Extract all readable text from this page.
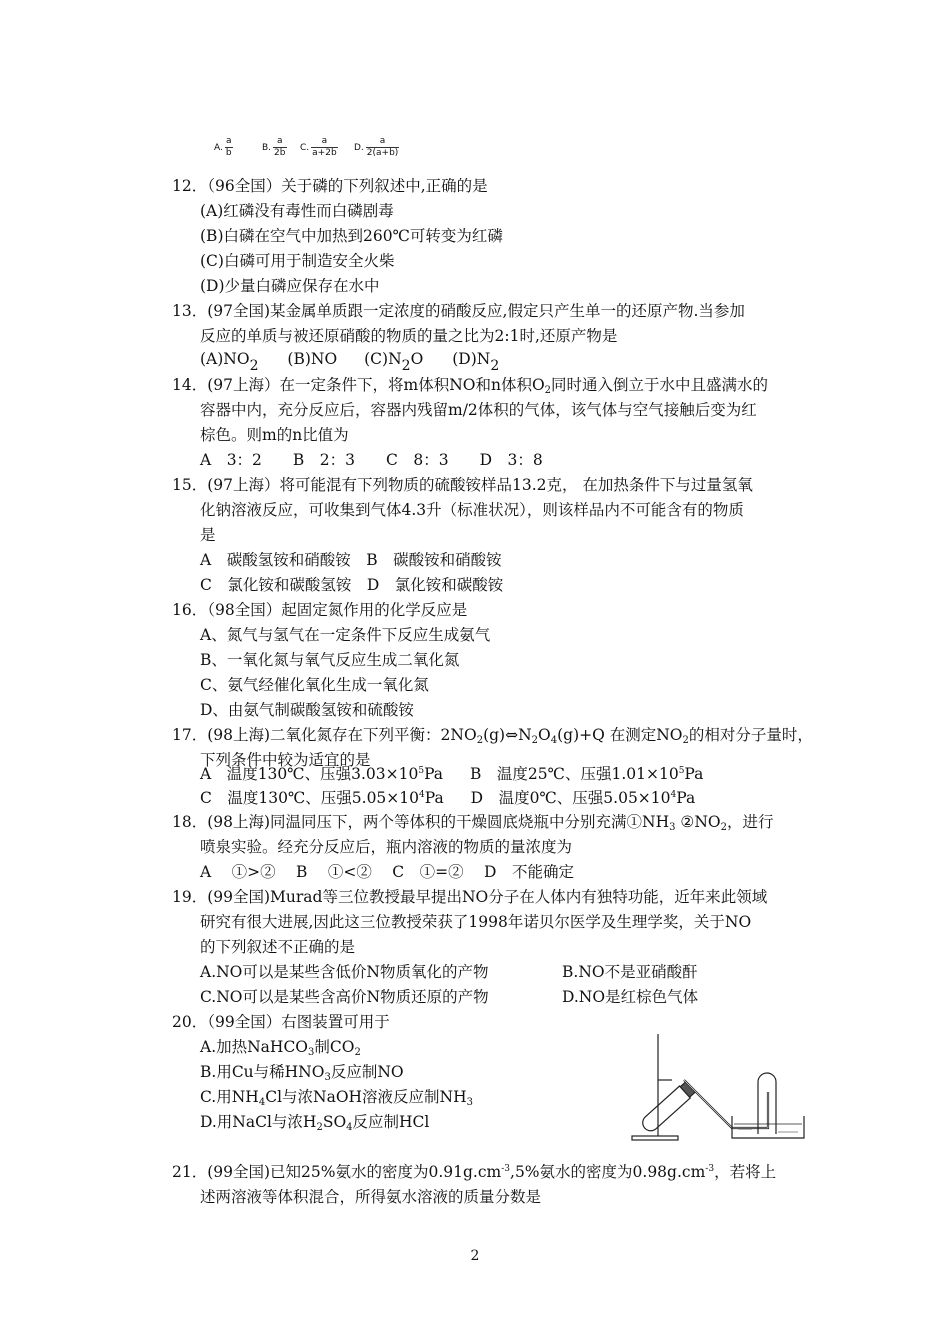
A. $\frac{a}{b}$	B. $\frac{a}{2b} C$. $\frac{a}{a+2b} D$. $\frac{a}{2(a+b)}$
12．（96全国）关于磷的下列叙述中,正确的是
(A)红磷没有毒性而白磷剧毒
(B)白磷在空气中加热到260℃可转变为红磷
(C)白磷可用于制造安全火柴
(D)少量白磷应保存在水中
13．(97全国)某金属单质跟一定浓度的硝酸反应,假定只产生单一的还原产物.当参加
反应的单质与被还原硝酸的物质的量之比为2:1时,还原产物是
$(A)NO_2$ (B)NO $(C)N_2O$ $(D)N_2$
14．(97上海）在一定条件下，将m体积NO和n体积$O_2$同时通入倒立于水中且盛满水的
容器中内，充分反应后，容器内残留m/2体积的气体，该气体与空气接触后变为红
棕色。则m的n比值为
A　3：2　　B　2：3　　C　8：3　　D　3：8
15．(97上海）将可能混有下列物质的硫酸铵样品13.2克， 在加热条件下与过量氢氧
化钠溶液反应，可收集到气体4.3升（标准状况），则该样品内不可能含有的物质
是
A　碳酸氢铵和硝酸铵　B　碳酸铵和硝酸铵
C　氯化铵和碳酸氢铵　D　氯化铵和碳酸铵
16．（98全国）起固定氮作用的化学反应是
A、氮气与氢气在一定条件下反应生成氨气
B、一氧化氮与氧气反应生成二氧化氮
C、氨气经催化氧化生成一氧化氮
D、由氨气制碳酸氢铵和硫酸铵
17．(98上海)二氧化氮存在下列平衡：$2NO_2(g)\Leftrightarrow N_2O_4(g)+Q$ 在测定$NO_2$的相对分子量时，
下列条件中较为适宜的是
A　温度130℃、压强$3.03\times 10^5Pa$ B　温度25℃、压强$1.01\times 10^5Pa$
C　温度130℃、压强$5.05\times 10^4Pa$ D　温度0℃、压强$5.05\times 10^4Pa$
18．(98上海)同温同压下，两个等体积的干燥圆底烧瓶中分别充满$①NH_3$ $②NO_2$，进行
喷泉实验。经充分反应后，瓶内溶液的物质的量浓度为
A　 ①>②　 B　 ①<②　 C　①=②　 D　不能确定
19．(99全国)Murad等三位教授最早提出NO分子在人体内有独特功能，近年来此领域
研究有很大进展,因此这三位教授荣获了1998年诺贝尔医学及生理学奖，关于NO
的下列叙述不正确的是
A.NO可以是某些含低价N物质氧化的产物	B.NO不是亚硝酸酐
C.NO可以是某些含高价N物质还原的产物	D.NO是红棕色气体
20．（99全国）右图装置可用于
A.加热NaHCO$_3$制$CO_2$
B.用Cu与稀$HNO_3$反应制NO
C.用$NH_4Cl$与浓NaOH溶液反应制$NH_3$
D.用NaCl与浓$H_2SO_4$反应制HCl
21．(99全国)已知25%氨水的密度为$0.91g.cm^{-3},5\%$氨水的密度为$0.98g.cm^{-3}$，若将上
述两溶液等体积混合，所得氨水溶液的质量分数是
2
